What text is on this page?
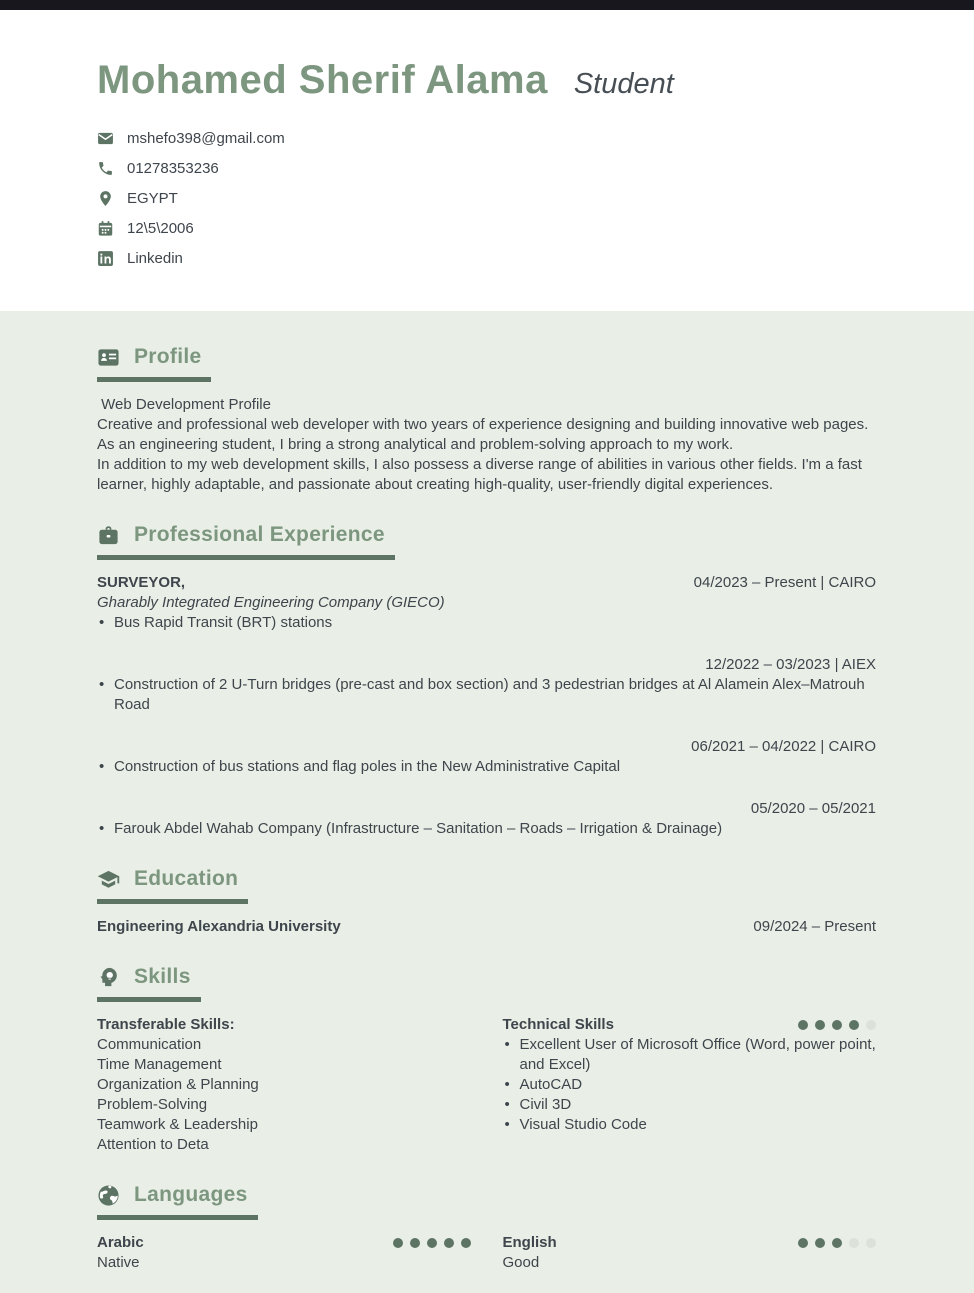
Mohamed Sherif Alama Student
mshefo398@gmail.com
01278353236
EGYPT
12\5\2006
Linkedin
Profile
Web Development Profile
Creative and professional web developer with two years of experience designing and building innovative web pages. As an engineering student, I bring a strong analytical and problem-solving approach to my work.
In addition to my web development skills, I also possess a diverse range of abilities in various other fields. I'm a fast learner, highly adaptable, and passionate about creating high-quality, user-friendly digital experiences.
Professional Experience
SURVEYOR,	04/2023 – Present | CAIRO
Gharably Integrated Engineering Company (GIECO)
• Bus Rapid Transit (BRT) stations
12/2022 – 03/2023 | AIEX
• Construction of 2 U-Turn bridges (pre-cast and box section) and 3 pedestrian bridges at Al Alamein Alex–Matrouh Road
06/2021 – 04/2022 | CAIRO
• Construction of bus stations and flag poles in the New Administrative Capital
05/2020 – 05/2021
• Farouk Abdel Wahab Company (Infrastructure – Sanitation – Roads – Irrigation & Drainage)
Education
Engineering Alexandria University	09/2024 – Present
Skills
Transferable Skills:
Communication
Time Management
Organization & Planning
Problem-Solving
Teamwork & Leadership
Attention to Deta
Technical Skills
• Excellent User of Microsoft Office (Word, power point, and Excel)
• AutoCAD
• Civil 3D
• Visual Studio Code
Languages
Arabic
Native
English
Good
